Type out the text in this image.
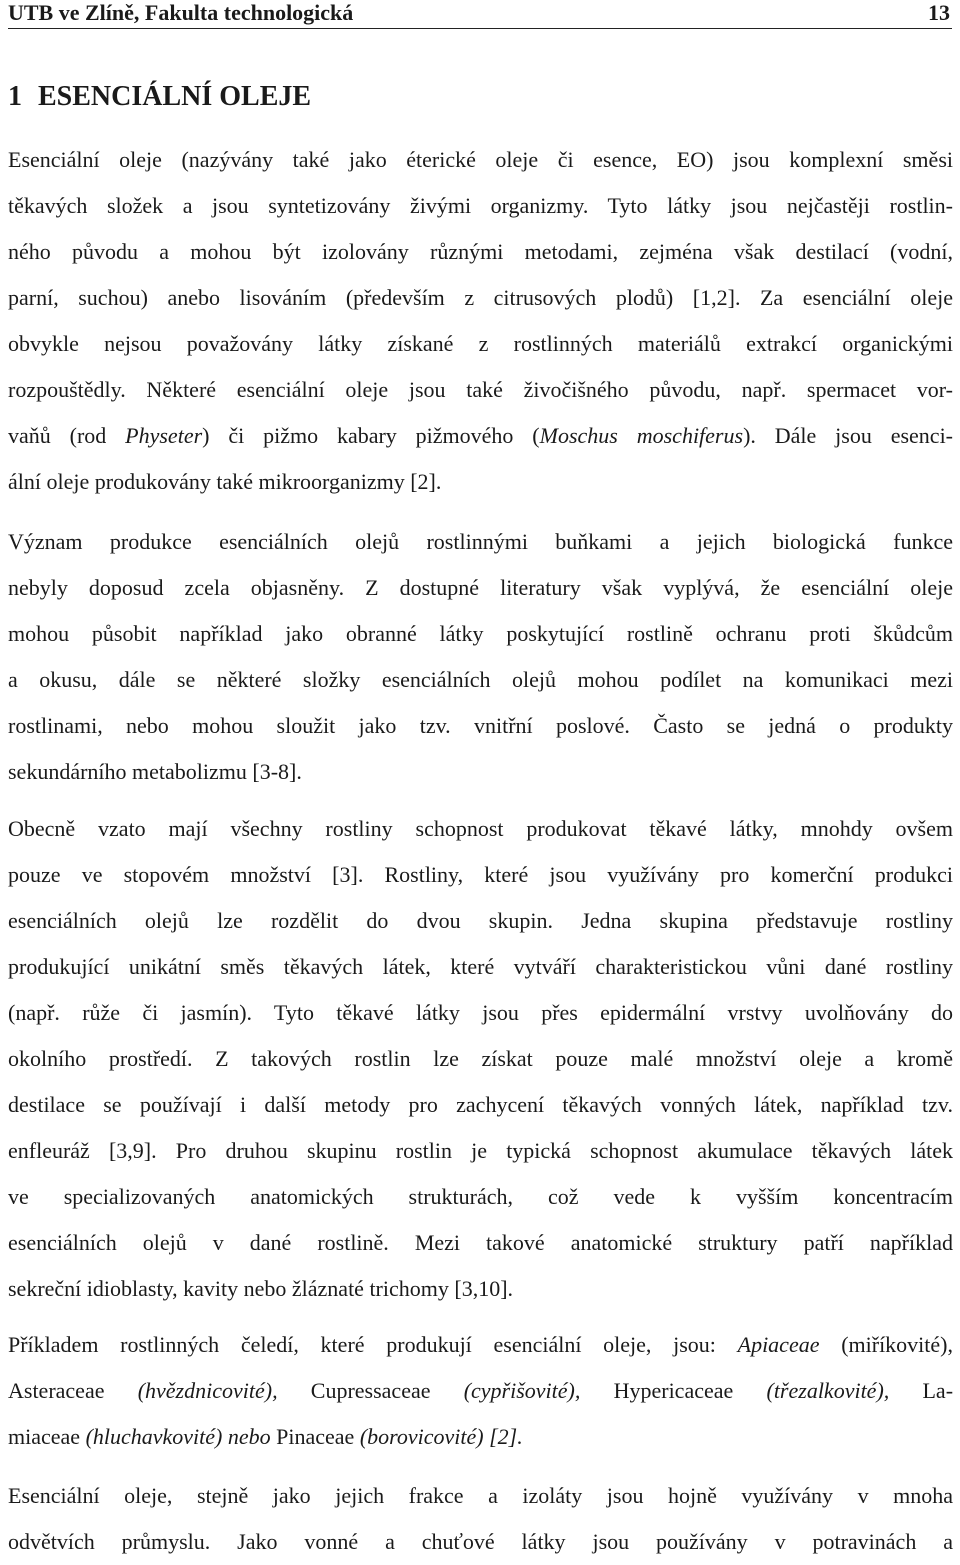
UTB ve Zlíně, Fakulta technologická	13
1 ESENCIÁLNÍ OLEJE
Esenciální oleje (nazývány také jako éterické oleje či esence, EO) jsou komplexní směsi
těkavých složek a jsou syntetizovány živými organizmy. Tyto látky jsou nejčastěji rostlin-
ného původu a mohou být izolovány různými metodami, zejména však destilací (vodní,
parní, suchou) anebo lisováním (především z citrusových plodů) [1,2]. Za esenciální oleje
obvykle nejsou považovány látky získané z rostlinných materiálů extrakcí organickými
rozpouštědly. Některé esenciální oleje jsou také živočišného původu, např. spermacet vor-
vaňů (rod Physeter) či pižmo kabary pižmového (Moschus moschiferus). Dále jsou esenci-
ální oleje produkovány také mikroorganizmy [2].
Význam produkce esenciálních olejů rostlinnými buňkami a jejich biologická funkce
nebyly doposud zcela objasněny. Z dostupné literatury však vyplývá, že esenciální oleje
mohou působit například jako obranné látky poskytující rostlině ochranu proti škůdcům
a okusu, dále se některé složky esenciálních olejů mohou podílet na komunikaci mezi
rostlinami, nebo mohou sloužit jako tzv. vnitřní poslové. Často se jedná o produkty
sekundárního metabolizmu [3-8].
Obecně vzato mají všechny rostliny schopnost produkovat těkavé látky, mnohdy ovšem
pouze ve stopovém množství [3]. Rostliny, které jsou využívány pro komerční produkci
esenciálních olejů lze rozdělit do dvou skupin. Jedna skupina představuje rostliny
produkující unikátní směs těkavých látek, které vytváří charakteristickou vůni dané rostliny
(např. růže či jasmín). Tyto těkavé látky jsou přes epidermální vrstvy uvolňovány do
okolního prostředí. Z takových rostlin lze získat pouze malé množství oleje a kromě
destilace se používají i další metody pro zachycení těkavých vonných látek, například tzv.
enfleuráž [3,9]. Pro druhou skupinu rostlin je typická schopnost akumulace těkavých látek
ve specializovaných anatomických strukturách, což vede k vyšším koncentracím
esenciálních olejů v dané rostlině. Mezi takové anatomické struktury patří například
sekreční idioblasty, kavity nebo žláznaté trichomy [3,10].
Příkladem rostlinných čeledí, které produkují esenciální oleje, jsou: Apiaceae (miříkovité),
Asteraceae (hvězdnicovité), Cupressaceae (cypřišovité), Hypericaceae (třezalkovité), La-
miaceae (hluchavkovité) nebo Pinaceae (borovicovité) [2].
Esenciální oleje, stejně jako jejich frakce a izoláty jsou hojně využívány v mnoha
odvětvích průmyslu. Jako vonné a chuťové látky jsou používány v potravinách a
